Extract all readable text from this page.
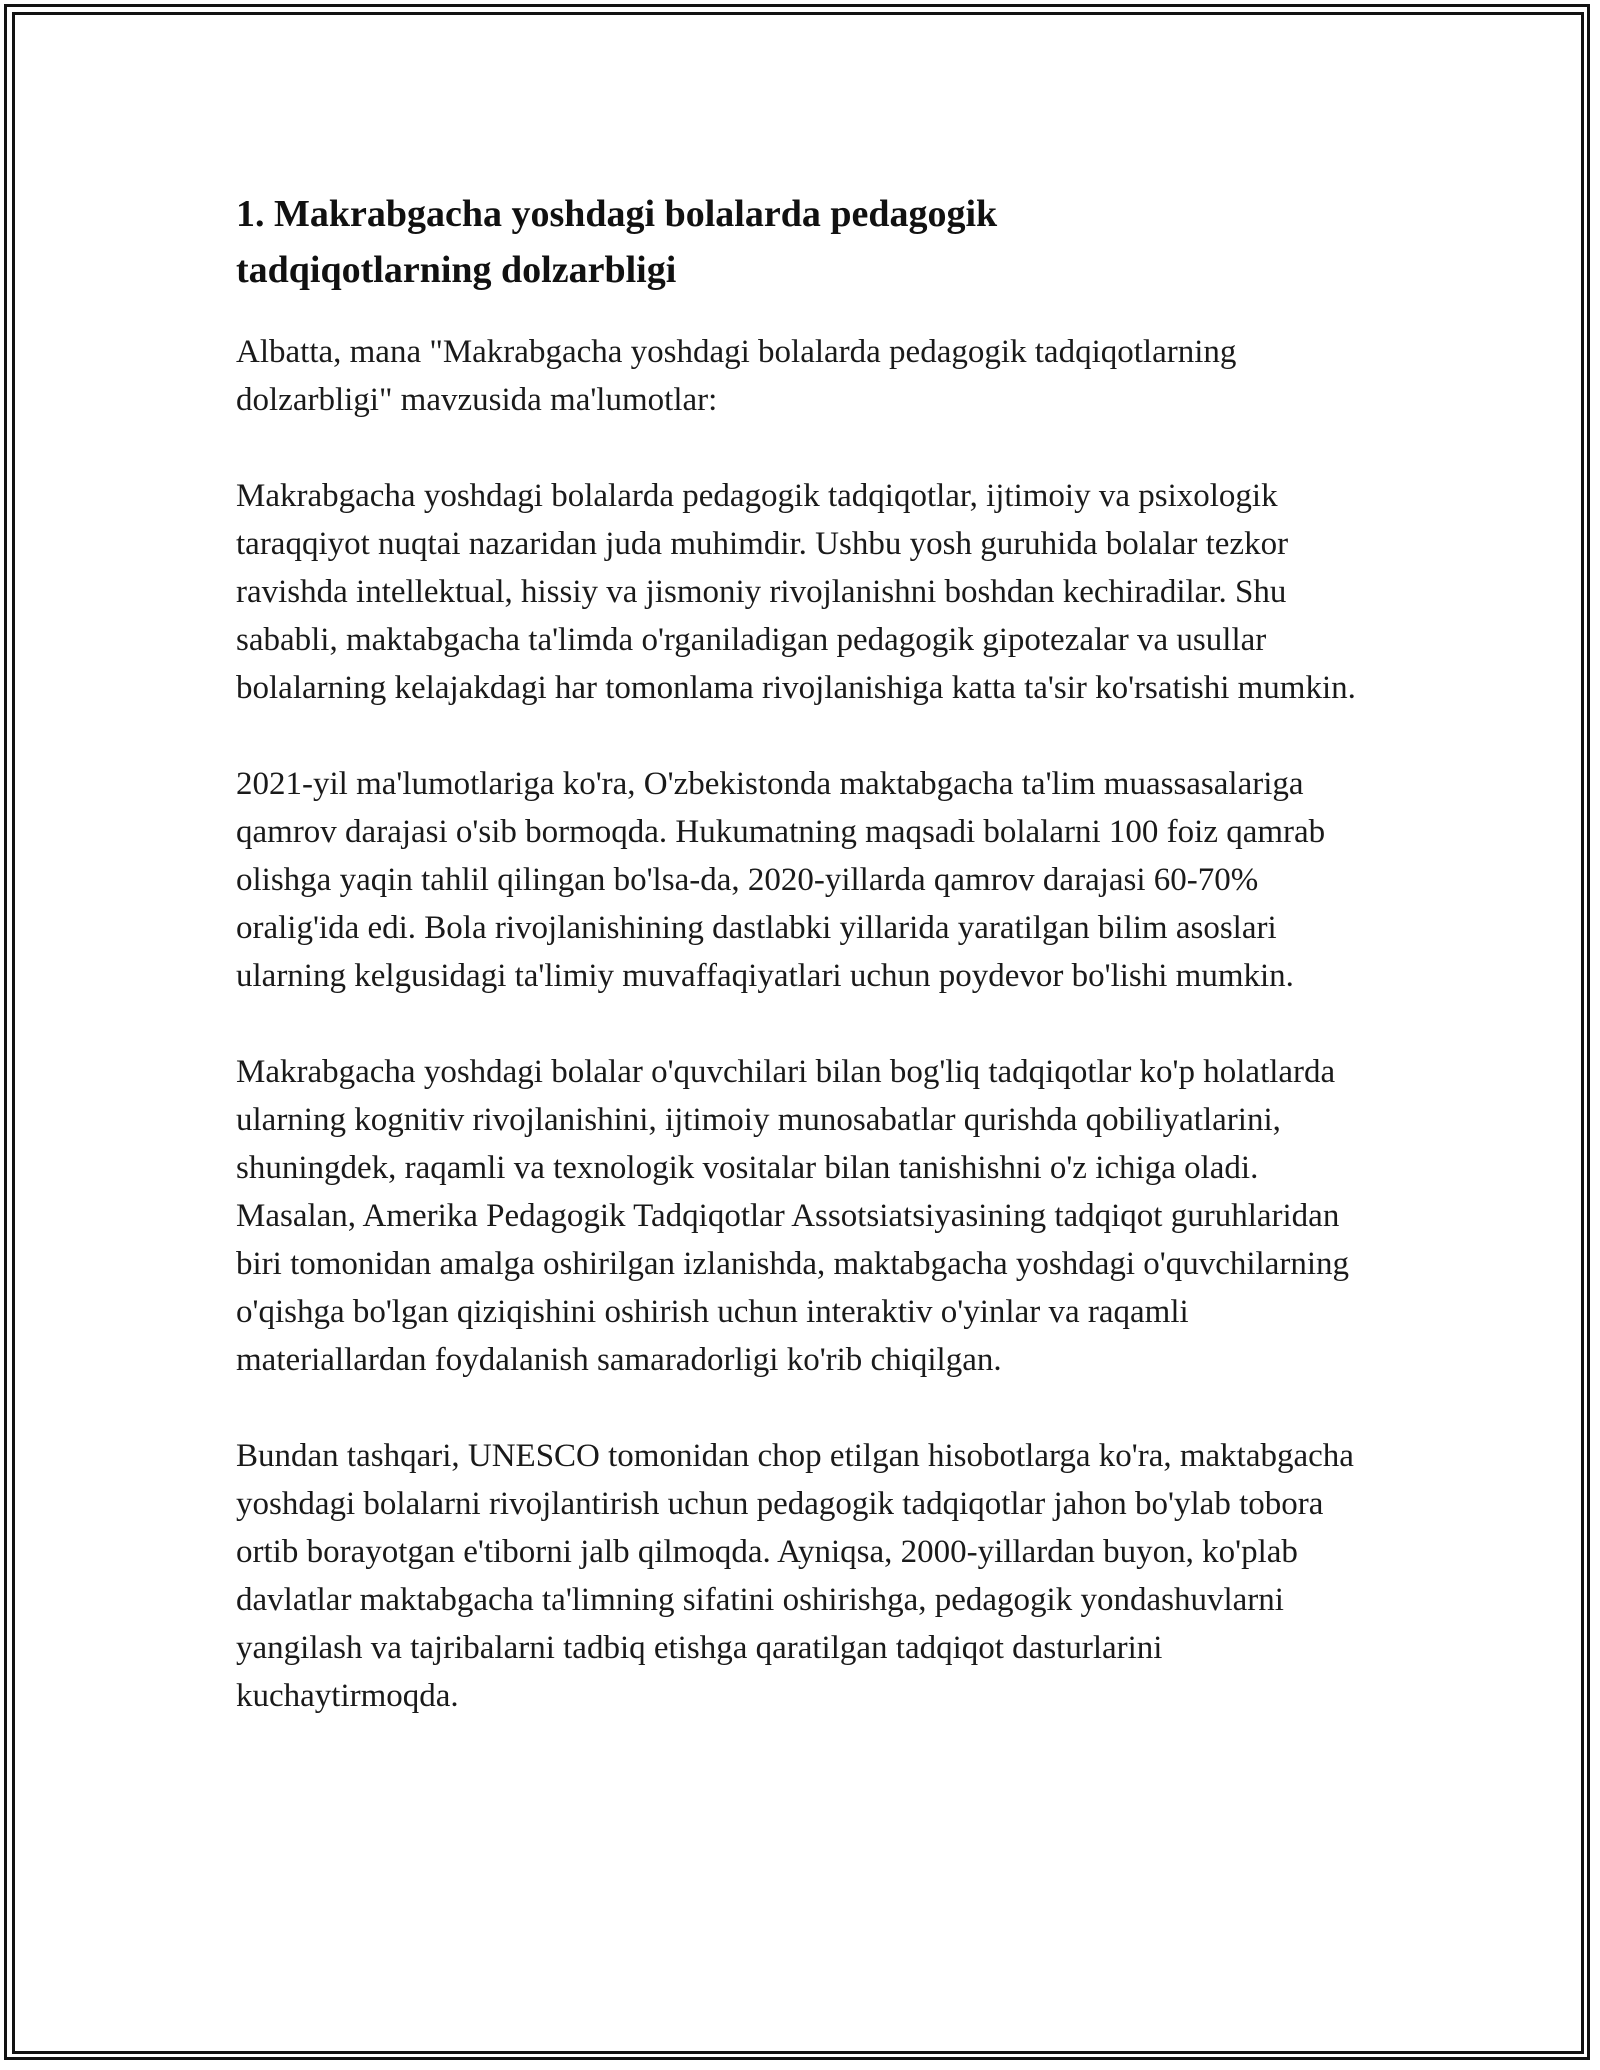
1. Makrabgacha yoshdagi bolalarda pedagogik tadqiqotlarning dolzarbligi

Albatta, mana "Makrabgacha yoshdagi bolalarda pedagogik tadqiqotlarning dolzarbligi" mavzusida ma'lumotlar:

Makrabgacha yoshdagi bolalarda pedagogik tadqiqotlar, ijtimoiy va psixologik taraqqiyot nuqtai nazaridan juda muhimdir. Ushbu yosh guruhida bolalar tezkor ravishda intellektual, hissiy va jismoniy rivojlanishni boshdan kechiradilar. Shu sababli, maktabgacha ta'limda o'rganiladigan pedagogik gipotezalar va usullar bolalarning kelajakdagi har tomonlama rivojlanishiga katta ta'sir ko'rsatishi mumkin.

2021-yil ma'lumotlariga ko'ra, O'zbekistonda maktabgacha ta'lim muassasalariga qamrov darajasi o'sib bormoqda. Hukumatning maqsadi bolalarni 100 foiz qamrab olishga yaqin tahlil qilingan bo'lsa-da, 2020-yillarda qamrov darajasi 60-70% oralig'ida edi. Bola rivojlanishining dastlabki yillarida yaratilgan bilim asoslari ularning kelgusidagi ta'limiy muvaffaqiyatlari uchun poydevor bo'lishi mumkin.

Makrabgacha yoshdagi bolalar o'quvchilari bilan bog'liq tadqiqotlar ko'p holatlarda ularning kognitiv rivojlanishini, ijtimoiy munosabatlar qurishda qobiliyatlarini, shuningdek, raqamli va texnologik vositalar bilan tanishishni o'z ichiga oladi. Masalan, Amerika Pedagogik Tadqiqotlar Assotsiatsiyasining tadqiqot guruhlaridan biri tomonidan amalga oshirilgan izlanishda, maktabgacha yoshdagi o'quvchilarning o'qishga bo'lgan qiziqishini oshirish uchun interaktiv o'yinlar va raqamli materiallardan foydalanish samaradorligi ko'rib chiqilgan.

Bundan tashqari, UNESCO tomonidan chop etilgan hisobotlarga ko'ra, maktabgacha yoshdagi bolalarni rivojlantirish uchun pedagogik tadqiqotlar jahon bo'ylab tobora ortib borayotgan e'tiborni jalb qilmoqda. Ayniqsa, 2000-yillardan buyon, ko'plab davlatlar maktabgacha ta'limning sifatini oshirishga, pedagogik yondashuvlarni yangilash va tajribalarni tadbiq etishga qaratilgan tadqiqot dasturlarini kuchaytirmoqda.
